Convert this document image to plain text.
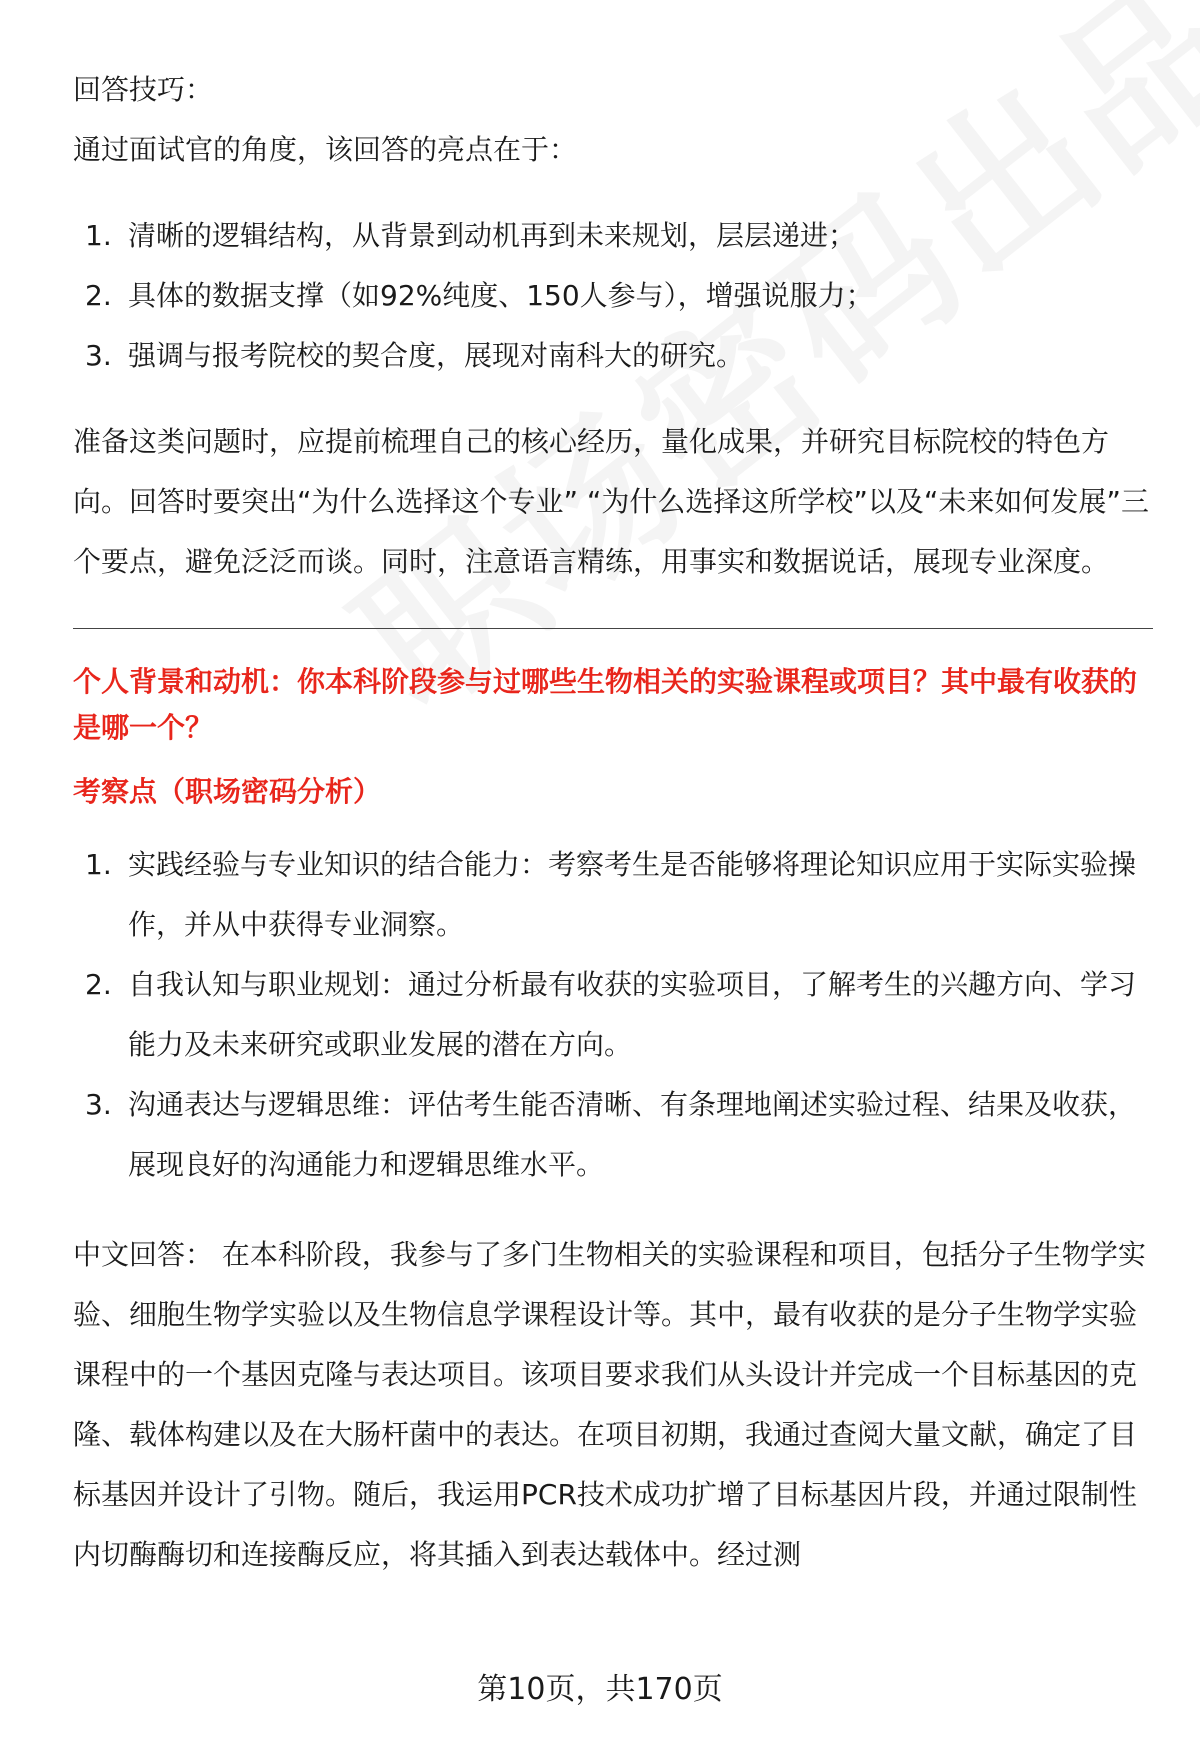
回答技巧：

通过面试官的角度，该回答的亮点在于：

1. 清晰的逻辑结构，从背景到动机再到未来规划，层层递进；
2. 具体的数据支撑（如92%纯度、150人参与），增强说服力；
3. 强调与报考院校的契合度，展现对南科大的研究。

准备这类问题时，应提前梳理自己的核心经历，量化成果，并研究目标院校的特色方向。回答时要突出“为什么选择这个专业” “为什么选择这所学校”以及“未来如何发展”三个要点，避免泛泛而谈。同时，注意语言精练，用事实和数据说话，展现专业深度。

个人背景和动机：你本科阶段参与过哪些生物相关的实验课程或项目？其中最有收获的是哪一个？

考察点（职场密码分析）

1. 实践经验与专业知识的结合能力：考察考生是否能够将理论知识应用于实际实验操作，并从中获得专业洞察。
2. 自我认知与职业规划：通过分析最有收获的实验项目，了解考生的兴趣方向、学习能力及未来研究或职业发展的潜在方向。
3. 沟通表达与逻辑思维：评估考生能否清晰、有条理地阐述实验过程、结果及收获，展现良好的沟通能力和逻辑思维水平。

中文回答： 在本科阶段，我参与了多门生物相关的实验课程和项目，包括分子生物学实验、细胞生物学实验以及生物信息学课程设计等。其中，最有收获的是分子生物学实验课程中的一个基因克隆与表达项目。该项目要求我们从头设计并完成一个目标基因的克隆、载体构建以及在大肠杆菌中的表达。在项目初期，我通过查阅大量文献，确定了目标基因并设计了引物。随后，我运用PCR技术成功扩增了目标基因片段，并通过限制性内切酶酶切和连接酶反应，将其插入到表达载体中。经过测

第10页，共170页
